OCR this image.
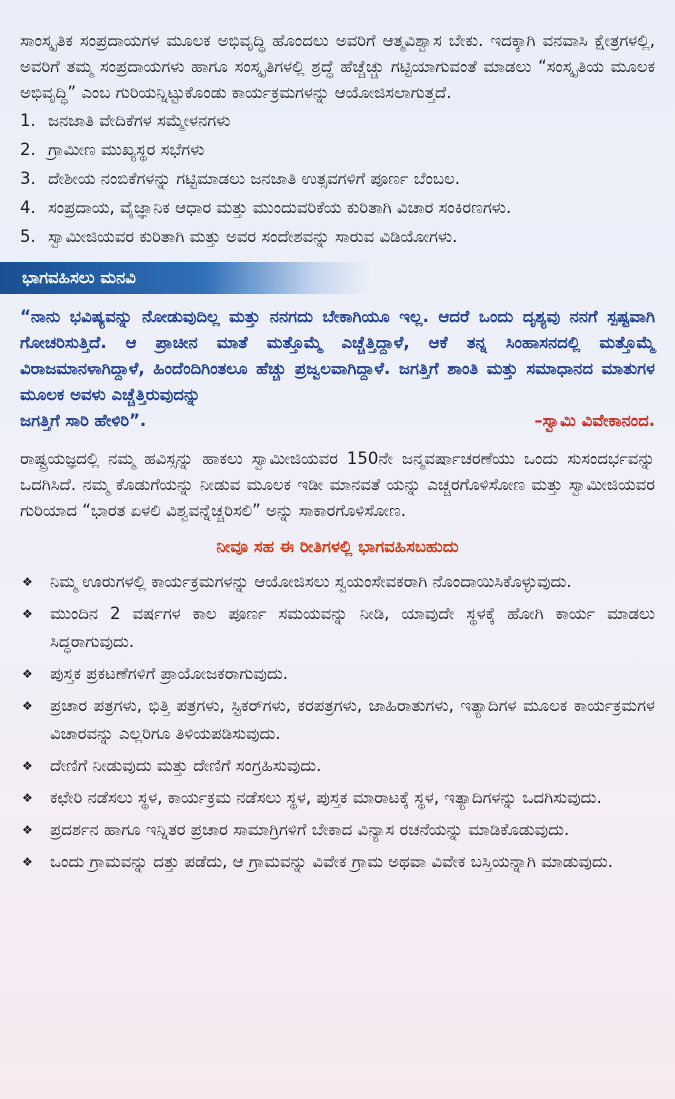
ಸಾಂಸ್ಕೃತಿಕ ಸಂಪ್ರದಾಯಗಳ ಮೂಲಕ ಅಭಿವೃದ್ಧಿ ಹೊಂದಲು ಅವರಿಗೆ ಆತ್ಮವಿಶ್ವಾಸ ಬೇಕು. ಇದಕ್ಕಾಗಿ ವನವಾಸಿ ಕ್ಷೇತ್ರಗಳಲ್ಲಿ, ಅವರಿಗೆ ತಮ್ಮ ಸಂಪ್ರದಾಯಗಳು ಹಾಗೂ ಸಂಸ್ಕೃತಿಗಳಲ್ಲಿ ಶ್ರದ್ಧೆ ಹೆಚ್ಚೆಚ್ಚು ಗಟ್ಟಿಯಾಗುವಂತೆ ಮಾಡಲು “ಸಂಸ್ಕೃತಿಯ ಮೂಲಕ ಅಭಿವೃದ್ಧಿ” ಎಂಬ ಗುರಿಯನ್ನಿಟ್ಟುಕೊಂಡು ಕಾರ್ಯಕ್ರಮಗಳನ್ನು ಆಯೋಜಿಸಲಾಗುತ್ತದೆ.

1. ಜನಜಾತಿ ವೇದಿಕೆಗಳ ಸಮ್ಮೇಳನಗಳು
2. ಗ್ರಾಮೀಣ ಮುಖ್ಯಸ್ಥರ ಸಭೆಗಳು
3. ದೇಶೀಯ ನಂಬಿಕೆಗಳನ್ನು ಗಟ್ಟಿಮಾಡಲು ಜನಜಾತಿ ಉತ್ಸವಗಳಿಗೆ ಪೂರ್ಣ ಬೆಂಬಲ.
4. ಸಂಪ್ರದಾಯ, ವೈಜ್ಞಾನಿಕ ಆಧಾರ ಮತ್ತು ಮುಂದುವರಿಕೆಯ ಕುರಿತಾಗಿ ವಿಚಾರ ಸಂಕಿರಣಗಳು.
5. ಸ್ವಾಮೀಜಿಯವರ ಕುರಿತಾಗಿ ಮತ್ತು ಅವರ ಸಂದೇಶವನ್ನು ಸಾರುವ ವಿಡಿಯೋಗಳು.
ಭಾಗವಹಿಸಲು ಮನವಿ

“ನಾನು ಭವಿಷ್ಯವನ್ನು ನೋಡುವುದಿಲ್ಲ ಮತ್ತು ನನಗದು ಬೇಕಾಗಿಯೂ ಇಲ್ಲ. ಆದರೆ ಒಂದು ದೃಶ್ಯವು ನನಗೆ ಸ್ಪಷ್ಟವಾಗಿ ಗೋಚರಿಸುತ್ತಿದೆ. ಆ ಪ್ರಾಚೀನ ಮಾತೆ ಮತ್ತೊಮ್ಮೆ ಎಚ್ಚೆತ್ತಿದ್ದಾಳೆ, ಆಕೆ ತನ್ನ ಸಿಂಹಾಸನದಲ್ಲಿ ಮತ್ತೊಮ್ಮೆ ವಿರಾಜಮಾನಳಾಗಿದ್ದಾಳೆ, ಹಿಂದೆಂದಿಗಿಂತಲೂ ಹೆಚ್ಚು ಪ್ರಜ್ವಲವಾಗಿದ್ದಾಳೆ. ಜಗತ್ತಿಗೆ ಶಾಂತಿ ಮತ್ತು ಸಮಾಧಾನದ ಮಾತುಗಳ ಮೂಲಕ ಅವಳು ಎಚ್ಚೆತ್ತಿರುವುದನ್ನು

ಜಗತ್ತಿಗೆ ಸಾರಿ ಹೇಳಿರಿ”.	–ಸ್ವಾಮಿ ವಿವೇಕಾನಂದ.

ರಾಷ್ಟ್ರಯಜ್ಞದಲ್ಲಿ ನಮ್ಮ ಹವಿಸ್ಸನ್ನು ಹಾಕಲು ಸ್ವಾಮೀಜಿಯವರ 150ನೇ ಜನ್ಮವರ್ಷಾಚರಣೆಯು ಒಂದು ಸುಸಂದರ್ಭವನ್ನು ಒದಗಿಸಿದೆ. ನಮ್ಮ ಕೊಡುಗೆಯನ್ನು ನೀಡುವ ಮೂಲಕ ಇಡೀ ಮಾನವತೆ ಯನ್ನು ಎಚ್ಚರಗೊಳಿಸೋಣ ಮತ್ತು ಸ್ವಾಮೀಜಿಯವರ ಗುರಿಯಾದ “ಭಾರತ ಏಳಲಿ ವಿಶ್ವವನ್ನೆಚ್ಚರಿಸಲಿ” ಅನ್ನು ಸಾಕಾರಗೊಳಿಸೋಣ.

ನೀವೂ ಸಹ ಈ ರೀತಿಗಳಲ್ಲಿ ಭಾಗವಹಿಸಬಹುದು
❖	ನಿಮ್ಮ ಊರುಗಳಲ್ಲಿ ಕಾರ್ಯಕ್ರಮಗಳನ್ನು ಆಯೋಜಿಸಲು ಸ್ವಯಂಸೇವಕರಾಗಿ ನೊಂದಾಯಿಸಿಕೊಳ್ಳುವುದು.
❖	ಮುಂದಿನ 2 ವರ್ಷಗಳ ಕಾಲ ಪೂರ್ಣ ಸಮಯವನ್ನು ನೀಡಿ, ಯಾವುದೇ ಸ್ಥಳಕ್ಕೆ ಹೋಗಿ ಕಾರ್ಯ ಮಾಡಲು ಸಿದ್ಧರಾಗುವುದು.
❖	ಪುಸ್ತಕ ಪ್ರಕಟಣೆಗಳಿಗೆ ಪ್ರಾಯೋಜಕರಾಗುವುದು.
❖	ಪ್ರಚಾರ ಪತ್ರಗಳು, ಭಿತ್ತಿ ಪತ್ರಗಳು, ಸ್ಟಿಕರ್‌ಗಳು, ಕರಪತ್ರಗಳು, ಜಾಹಿರಾತುಗಳು, ಇತ್ಯಾದಿಗಳ ಮೂಲಕ ಕಾರ್ಯಕ್ರಮಗಳ ವಿಚಾರವನ್ನು ಎಲ್ಲರಿಗೂ ತಿಳಿಯಪಡಿಸುವುದು.
❖	ದೇಣಿಗೆ ನೀಡುವುದು ಮತ್ತು ದೇಣಿಗೆ ಸಂಗ್ರಹಿಸುವುದು.
❖	ಕಛೇರಿ ನಡೆಸಲು ಸ್ಥಳ, ಕಾರ್ಯಕ್ರಮ ನಡೆಸಲು ಸ್ಥಳ, ಪುಸ್ತಕ ಮಾರಾಟಕ್ಕೆ ಸ್ಥಳ, ಇತ್ಯಾದಿಗಳನ್ನು ಒದಗಿಸುವುದು.
❖	ಪ್ರದರ್ಶನ ಹಾಗೂ ಇನ್ನಿತರ ಪ್ರಚಾರ ಸಾಮಾಗ್ರಿಗಳಿಗೆ ಬೇಕಾದ ವಿನ್ಯಾಸ ರಚನೆಯನ್ನು ಮಾಡಿಕೊಡುವುದು.
❖	ಒಂದು ಗ್ರಾಮವನ್ನು ದತ್ತು ಪಡೆದು, ಆ ಗ್ರಾಮವನ್ನು ವಿವೇಕ ಗ್ರಾಮ ಅಥವಾ ವಿವೇಕ ಬಸ್ತಿಯನ್ನಾಗಿ ಮಾಡುವುದು.
